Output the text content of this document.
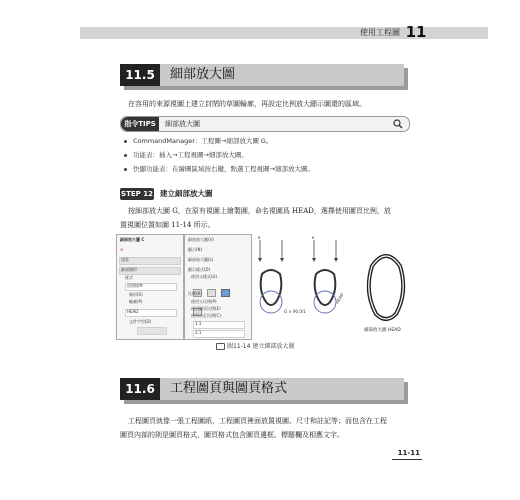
使用工程圖 11
11.5	細部放大圖
在容用的來源視圖上建立封閉的草圖輪廓，再設定比例放大顯示圖還的區域。
指令TIPS	細部放大圖
CommandManager：工程圖→細部放大圖 G。
功能表：插入→工程視圖→細部放大圖。
快顯功能表：在繪圖區域按右鍵，點選工程視圖→細部放大圖。
STEP 12 建立細部放大圖
按細部放大圖 G，在原有視圖上繪製圓，命名視圖爲 HEAD，選擇使用圖頁比例，放
置視圖位置如圖 11-14 所示。
細部放大圖 C
✕
訊息
細部圓形
樣式
依照標準
圓形(S)
輪廓(P)
HEAD
文件字型(D)
細部放大圖(V)
顯示(N)
細部放大圖(L)
顯示樣式(D)
使用父樣式(U)

比例(R)
使用父比例(P)
使用圖頁比例(E)
使用自訂比例(C)
1:1
2:1
G × 90.0/1
HEAD
細部放大圖 HEAD
B	B
圖11-14 建立細部放大圖
11.6	工程圖頁與圖頁格式
工程圖頁就像一張工程圖紙，工程圖頁裡面放置視圖、尺寸和註記等；而包含在工程
圖頁內部的則是圖頁格式，圖頁格式包含圖頁邊框、標題欄及相應文字。
11-11
